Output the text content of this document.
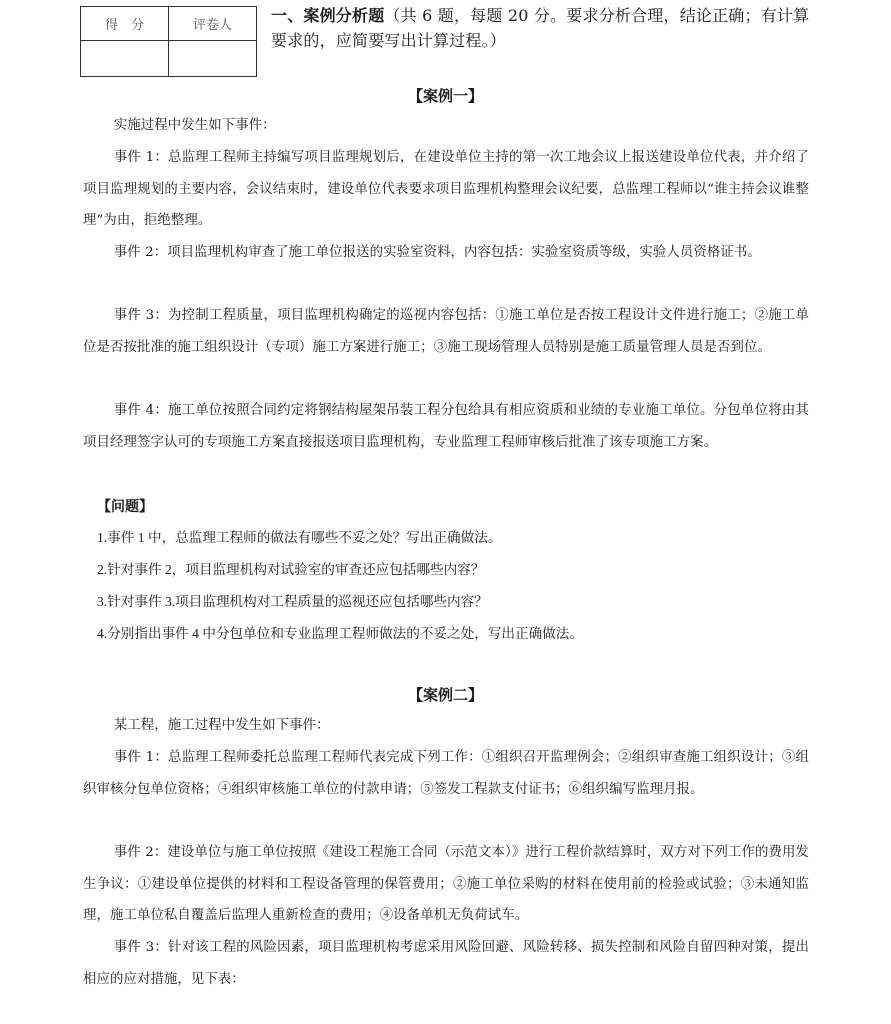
得　分	评卷人

一、案例分析题（共 6 题，每题 20 分。要求分析合理，结论正确；有计算要求的，应简要写出计算过程。）
【案例一】
实施过程中发生如下事件：
事件 1：总监理工程师主持编写项目监理规划后，在建设单位主持的第一次工地会议上报送建设单位代表，并介绍了项目监理规划的主要内容，会议结束时，建设单位代表要求项目监理机构整理会议纪要，总监理工程师以“谁主持会议谁整理”为由，拒绝整理。
事件 2：项目监理机构审查了施工单位报送的实验室资料，内容包括：实验室资质等级，实验人员资格证书。
事件 3：为控制工程质量，项目监理机构确定的巡视内容包括：①施工单位是否按工程设计文件进行施工；②施工单位是否按批准的施工组织设计（专项）施工方案进行施工；③施工现场管理人员特别是施工质量管理人员是否到位。
事件 4：施工单位按照合同约定将钢结构屋架吊装工程分包给具有相应资质和业绩的专业施工单位。分包单位将由其项目经理签字认可的专项施工方案直接报送项目监理机构，专业监理工程师审核后批准了该专项施工方案。
【问题】
1.事件 1 中，总监理工程师的做法有哪些不妥之处？写出正确做法。
2.针对事件 2，项目监理机构对试验室的审查还应包括哪些内容？
3.针对事件 3.项目监理机构对工程质量的巡视还应包括哪些内容？
4.分别指出事件 4 中分包单位和专业监理工程师做法的不妥之处，写出正确做法。
【案例二】
某工程，施工过程中发生如下事件：
事件 1：总监理工程师委托总监理工程师代表完成下列工作：①组织召开监理例会；②组织审查施工组织设计；③组织审核分包单位资格；④组织审核施工单位的付款申请；⑤签发工程款支付证书；⑥组织编写监理月报。
事件 2：建设单位与施工单位按照《建设工程施工合同（示范文本）》进行工程价款结算时，双方对下列工作的费用发生争议：①建设单位提供的材料和工程设备管理的保管费用；②施工单位采购的材料在使用前的检验或试验；③未通知监理，施工单位私自覆盖后监理人重新检查的费用；④设备单机无负荷试车。
事件 3：针对该工程的风险因素，项目监理机构考虑采用风险回避、风险转移、损失控制和风险自留四种对策，提出相应的应对措施，见下表：
